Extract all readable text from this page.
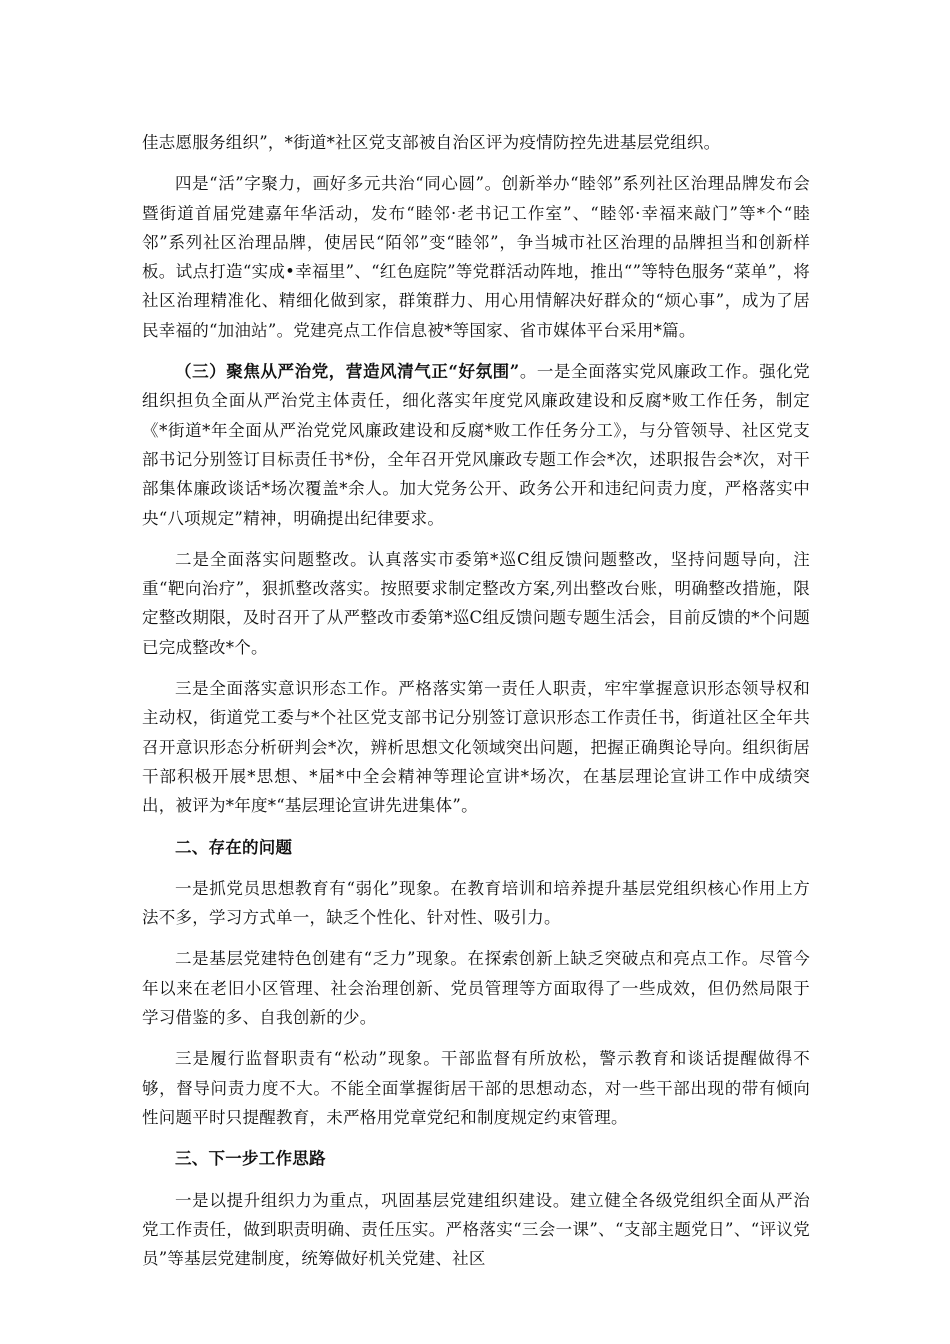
佳志愿服务组织”，*街道*社区党支部被自治区评为疫情防控先进基层党组织。

四是“活”字聚力，画好多元共治“同心圆”。创新举办“睦邻”系列社区治理品牌发布会暨街道首届党建嘉年华活动，发布“睦邻·老书记工作室”、“睦邻·幸福来敲门”等*个“睦邻”系列社区治理品牌，使居民“陌邻”变“睦邻”，争当城市社区治理的品牌担当和创新样板。试点打造“实成•幸福里”、“红色庭院”等党群活动阵地，推出“”等特色服务“菜单”，将社区治理精准化、精细化做到家，群策群力、用心用情解决好群众的“烦心事”，成为了居民幸福的“加油站”。党建亮点工作信息被*等国家、省市媒体平台采用*篇。

（三）聚焦从严治党，营造风清气正“好氛围”。一是全面落实党风廉政工作。强化党组织担负全面从严治党主体责任，细化落实年度党风廉政建设和反腐*败工作任务，制定《*街道*年全面从严治党党风廉政建设和反腐*败工作任务分工》，与分管领导、社区党支部书记分别签订目标责任书*份，全年召开党风廉政专题工作会*次，述职报告会*次，对干部集体廉政谈话*场次覆盖*余人。加大党务公开、政务公开和违纪问责力度，严格落实中央“八项规定”精神，明确提出纪律要求。

二是全面落实问题整改。认真落实市委第*巡C组反馈问题整改，坚持问题导向，注重“靶向治疗”，狠抓整改落实。按照要求制定整改方案,列出整改台账，明确整改措施，限定整改期限，及时召开了从严整改市委第*巡C组反馈问题专题生活会，目前反馈的*个问题已完成整改*个。

三是全面落实意识形态工作。严格落实第一责任人职责，牢牢掌握意识形态领导权和主动权，街道党工委与*个社区党支部书记分别签订意识形态工作责任书，街道社区全年共召开意识形态分析研判会*次，辨析思想文化领域突出问题，把握正确舆论导向。组织街居干部积极开展*思想、*届*中全会精神等理论宣讲*场次，在基层理论宣讲工作中成绩突出，被评为*年度*“基层理论宣讲先进集体”。

二、存在的问题

一是抓党员思想教育有“弱化”现象。在教育培训和培养提升基层党组织核心作用上方法不多，学习方式单一，缺乏个性化、针对性、吸引力。

二是基层党建特色创建有“乏力”现象。在探索创新上缺乏突破点和亮点工作。尽管今年以来在老旧小区管理、社会治理创新、党员管理等方面取得了一些成效，但仍然局限于学习借鉴的多、自我创新的少。

三是履行监督职责有“松动”现象。干部监督有所放松，警示教育和谈话提醒做得不够，督导问责力度不大。不能全面掌握街居干部的思想动态，对一些干部出现的带有倾向性问题平时只提醒教育，未严格用党章党纪和制度规定约束管理。

三、下一步工作思路

一是以提升组织力为重点，巩固基层党建组织建设。建立健全各级党组织全面从严治党工作责任，做到职责明确、责任压实。严格落实“三会一课”、“支部主题党日”、“评议党员”等基层党建制度，统筹做好机关党建、社区
